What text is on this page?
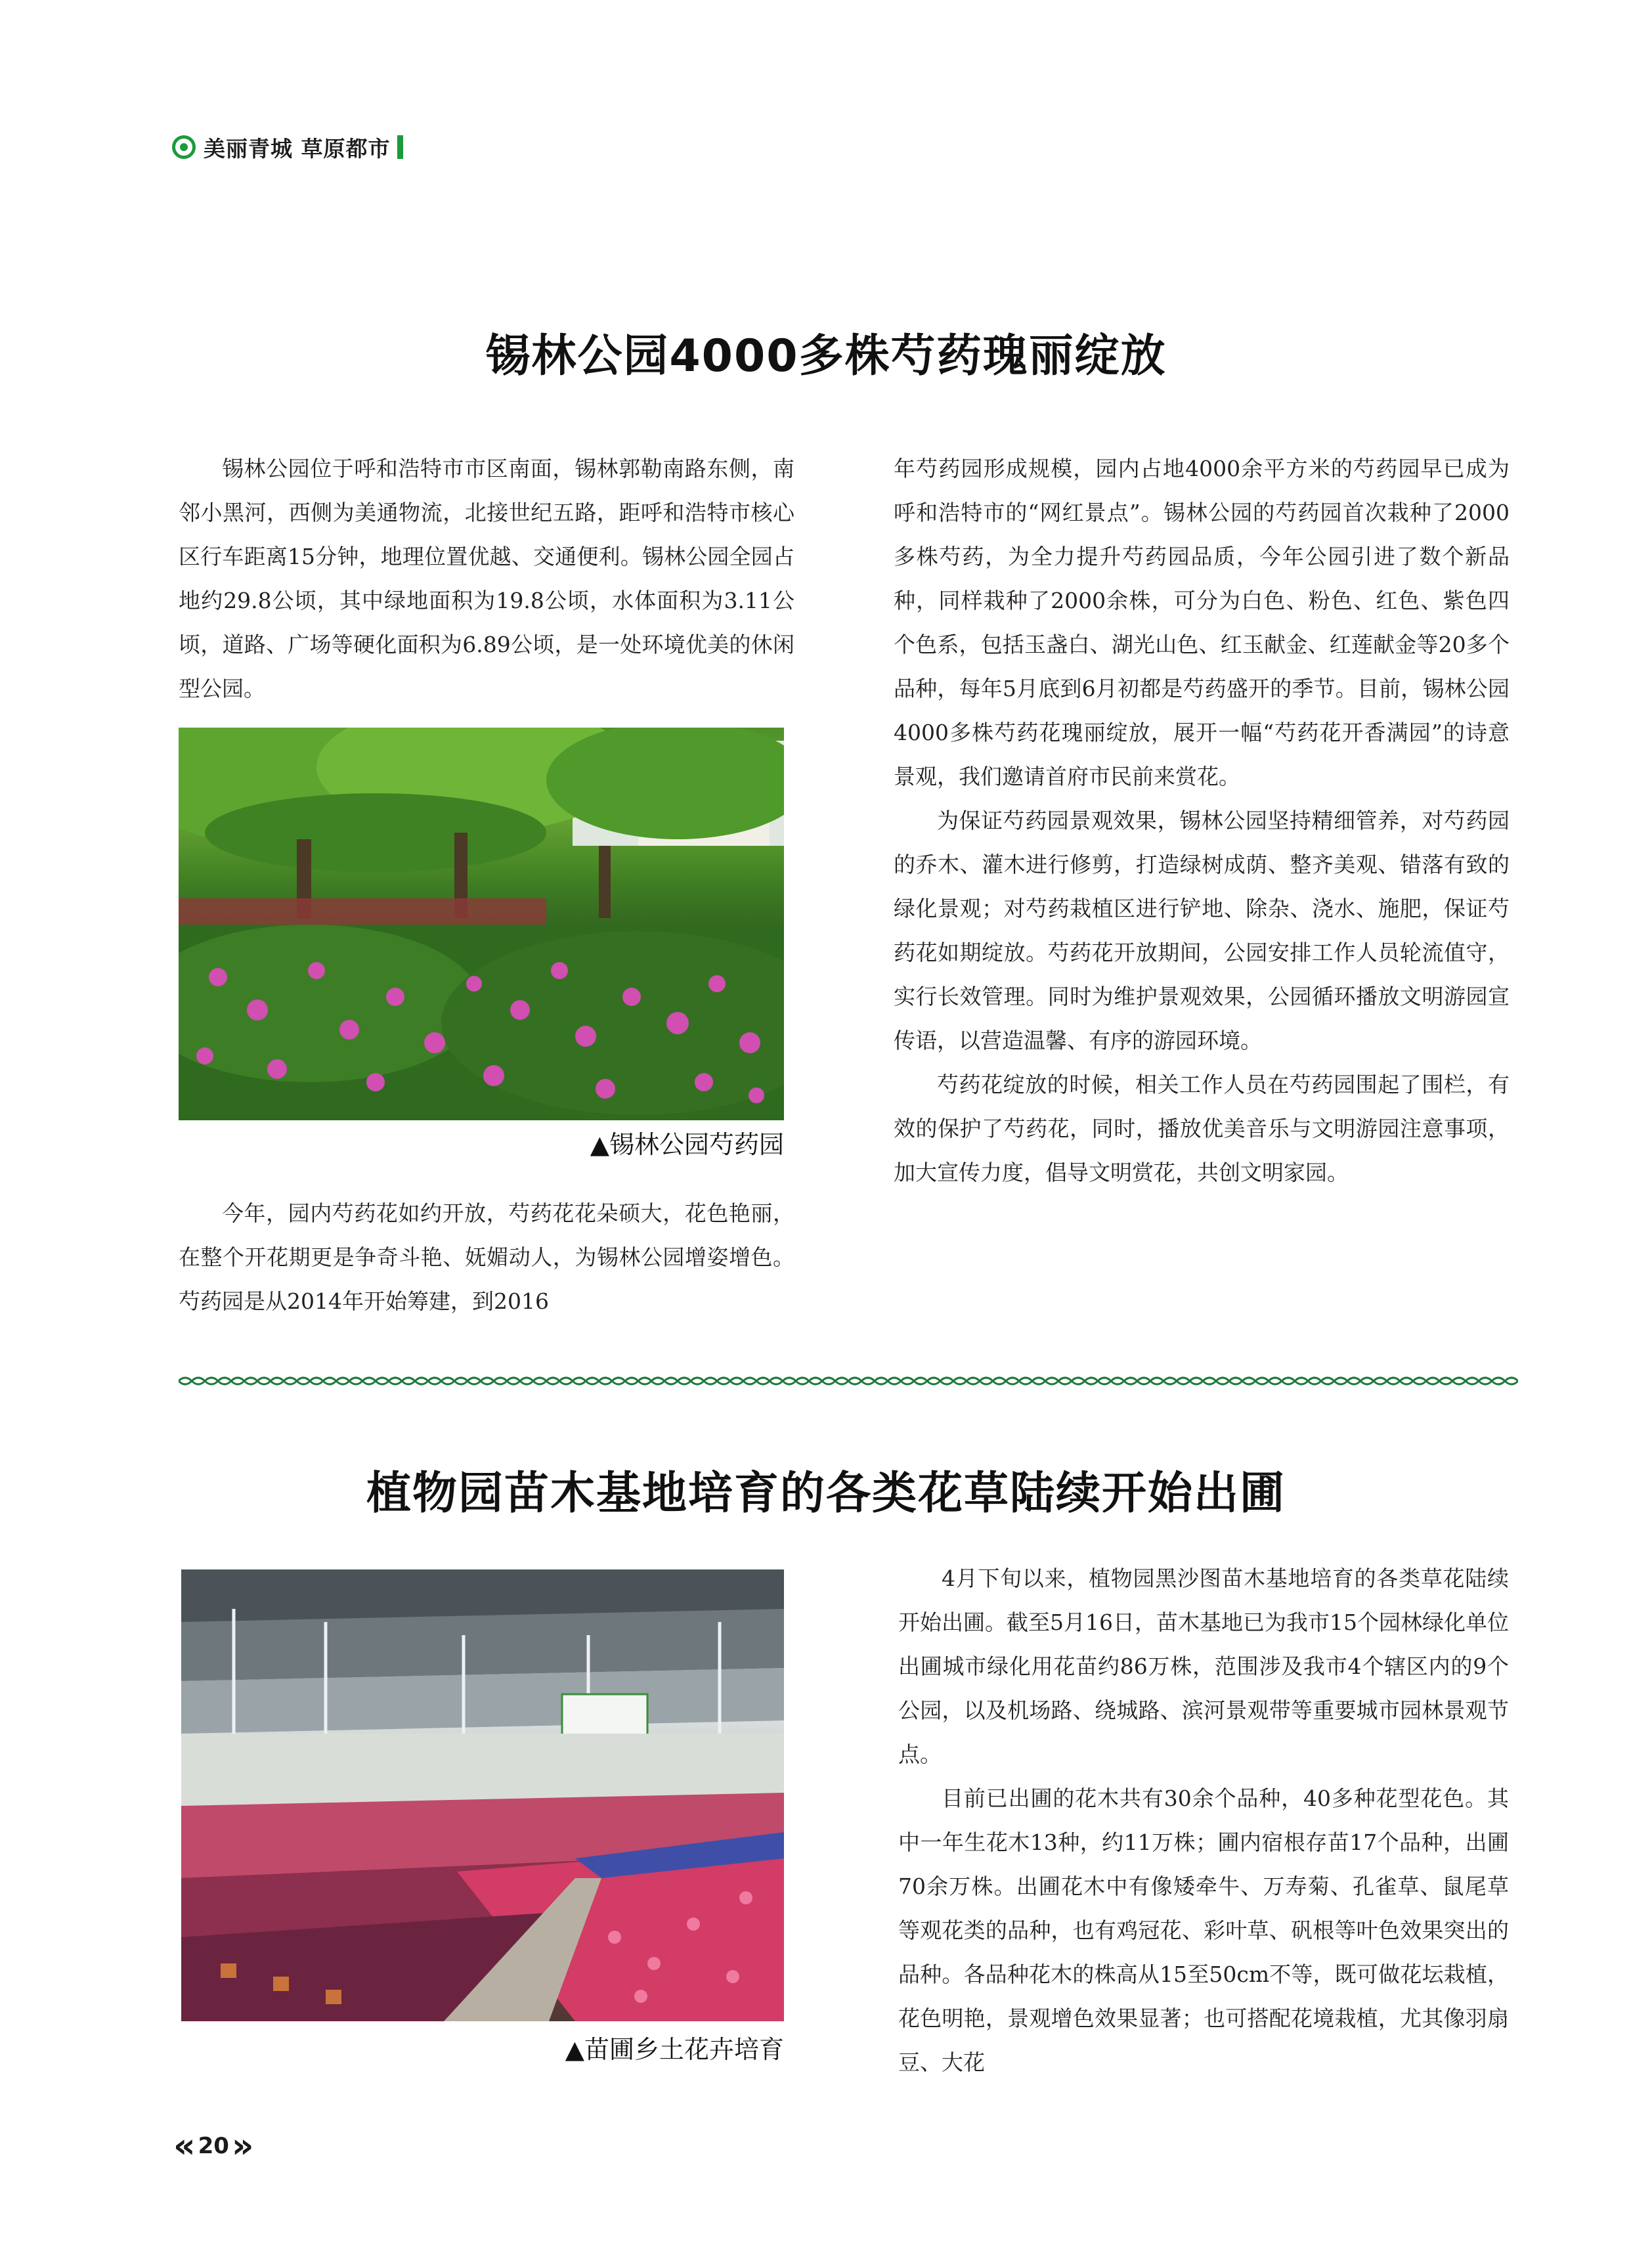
美丽青城 草原都市
锡林公园4000多株芍药瑰丽绽放

锡林公园位于呼和浩特市市区南面，锡林郭勒南路东侧，南邻小黑河，西侧为美通物流，北接世纪五路，距呼和浩特市核心区行车距离15分钟，地理位置优越、交通便利。锡林公园全园占地约29.8公顷，其中绿地面积为19.8公顷，水体面积为3.11公顷，道路、广场等硬化面积为6.89公顷，是一处环境优美的休闲型公园。

▲锡林公园芍药园

今年，园内芍药花如约开放，芍药花花朵硕大，花色艳丽，在整个开花期更是争奇斗艳、妩媚动人，为锡林公园增姿增色。芍药园是从2014年开始筹建，到2016

年芍药园形成规模，园内占地4000余平方米的芍药园早已成为呼和浩特市的“网红景点”。锡林公园的芍药园首次栽种了2000多株芍药，为全力提升芍药园品质，今年公园引进了数个新品种，同样栽种了2000余株，可分为白色、粉色、红色、紫色四个色系，包括玉盏白、湖光山色、红玉献金、红莲献金等20多个品种，每年5月底到6月初都是芍药盛开的季节。目前，锡林公园4000多株芍药花瑰丽绽放，展开一幅“芍药花开香满园”的诗意景观，我们邀请首府市民前来赏花。

为保证芍药园景观效果，锡林公园坚持精细管养，对芍药园的乔木、灌木进行修剪，打造绿树成荫、整齐美观、错落有致的绿化景观；对芍药栽植区进行铲地、除杂、浇水、施肥，保证芍药花如期绽放。芍药花开放期间，公园安排工作人员轮流值守，实行长效管理。同时为维护景观效果，公园循环播放文明游园宣传语，以营造温馨、有序的游园环境。

芍药花绽放的时候，相关工作人员在芍药园围起了围栏，有效的保护了芍药花，同时，播放优美音乐与文明游园注意事项，加大宣传力度，倡导文明赏花，共创文明家园。

植物园苗木基地培育的各类花草陆续开始出圃
▲苗圃乡土花卉培育

4月下旬以来，植物园黑沙图苗木基地培育的各类草花陆续开始出圃。截至5月16日，苗木基地已为我市15个园林绿化单位出圃城市绿化用花苗约86万株，范围涉及我市4个辖区内的9个公园，以及机场路、绕城路、滨河景观带等重要城市园林景观节点。

目前已出圃的花木共有30余个品种，40多种花型花色。其中一年生花木13种，约11万株；圃内宿根存苗17个品种，出圃70余万株。出圃花木中有像矮牵牛、万寿菊、孔雀草、鼠尾草等观花类的品种，也有鸡冠花、彩叶草、矾根等叶色效果突出的品种。各品种花木的株高从15至50cm不等，既可做花坛栽植，花色明艳，景观增色效果显著；也可搭配花境栽植，尤其像羽扇豆、大花

« 20 »
